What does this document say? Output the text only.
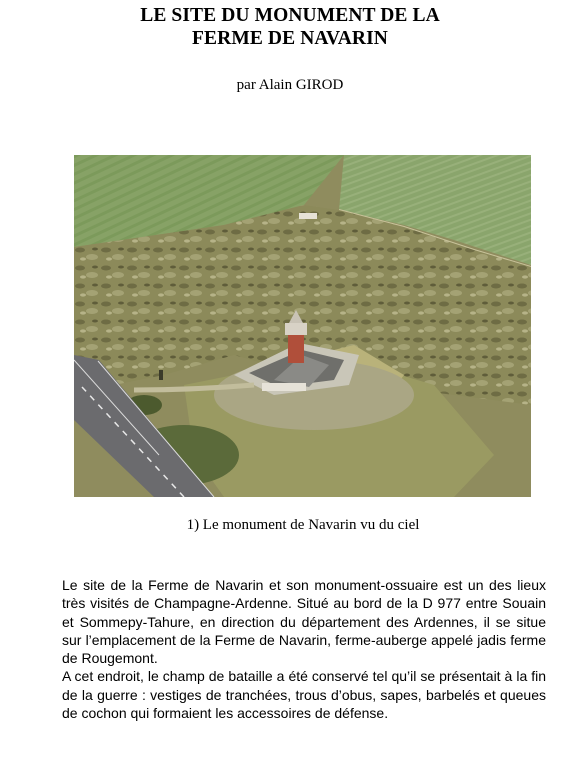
LE SITE DU MONUMENT DE LA
FERME DE NAVARIN
par Alain GIROD
1) Le monument de Navarin vu du ciel

Le site de la Ferme de Navarin et son monument-ossuaire est un des lieux très visités de Champagne-Ardenne. Situé au bord de la D 977 entre Souain et Sommepy-Tahure, en direction du département des Ardennes, il se situe sur l’emplacement de la Ferme de Navarin, ferme-auberge appelé jadis ferme de Rougemont.

A cet endroit, le champ de bataille a été conservé tel qu’il se présentait à la fin de la guerre : vestiges de tranchées, trous d’obus, sapes, barbelés et queues de cochon qui formaient les accessoires de défense.
